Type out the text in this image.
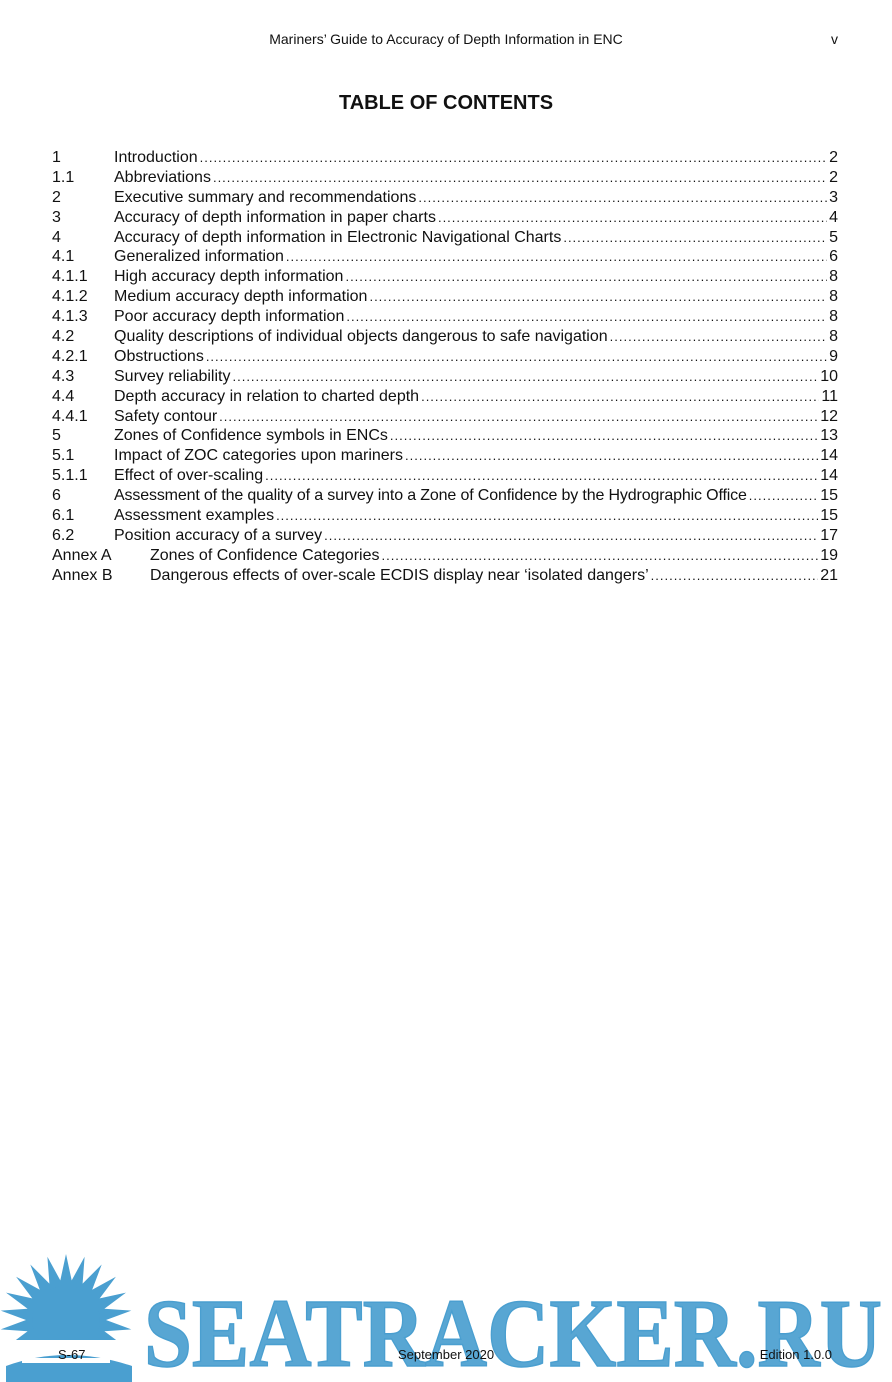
Mariners’ Guide to Accuracy of Depth Information in ENC	v
TABLE OF CONTENTS
1	Introduction .....	2
1.1	Abbreviations .....	2
2	Executive summary and recommendations .....	3
3	Accuracy of depth information in paper charts .....	4
4	Accuracy of depth information in Electronic Navigational Charts .....	5
4.1	Generalized information .....	6
4.1.1	High accuracy depth information .....	8
4.1.2	Medium accuracy depth information .....	8
4.1.3	Poor accuracy depth information .....	8
4.2	Quality descriptions of individual objects dangerous to safe navigation .....	8
4.2.1	Obstructions .....	9
4.3	Survey reliability .....	10
4.4	Depth accuracy in relation to charted depth .....	11
4.4.1	Safety contour .....	12
5	Zones of Confidence symbols in ENCs .....	13
5.1	Impact of ZOC categories upon mariners .....	14
5.1.1	Effect of over-scaling .....	14
6	Assessment of the quality of a survey into a Zone of Confidence by the Hydrographic Office .....	15
6.1	Assessment examples .....	15
6.2	Position accuracy of a survey .....	17
Annex A	Zones of Confidence Categories .....	19
Annex B	Dangerous effects of over-scale ECDIS display near ‘isolated dangers’ .....	21
SEATRACKER.RU
SEATRACKER.RU
S-67	September 2020	Edition 1.0.0
